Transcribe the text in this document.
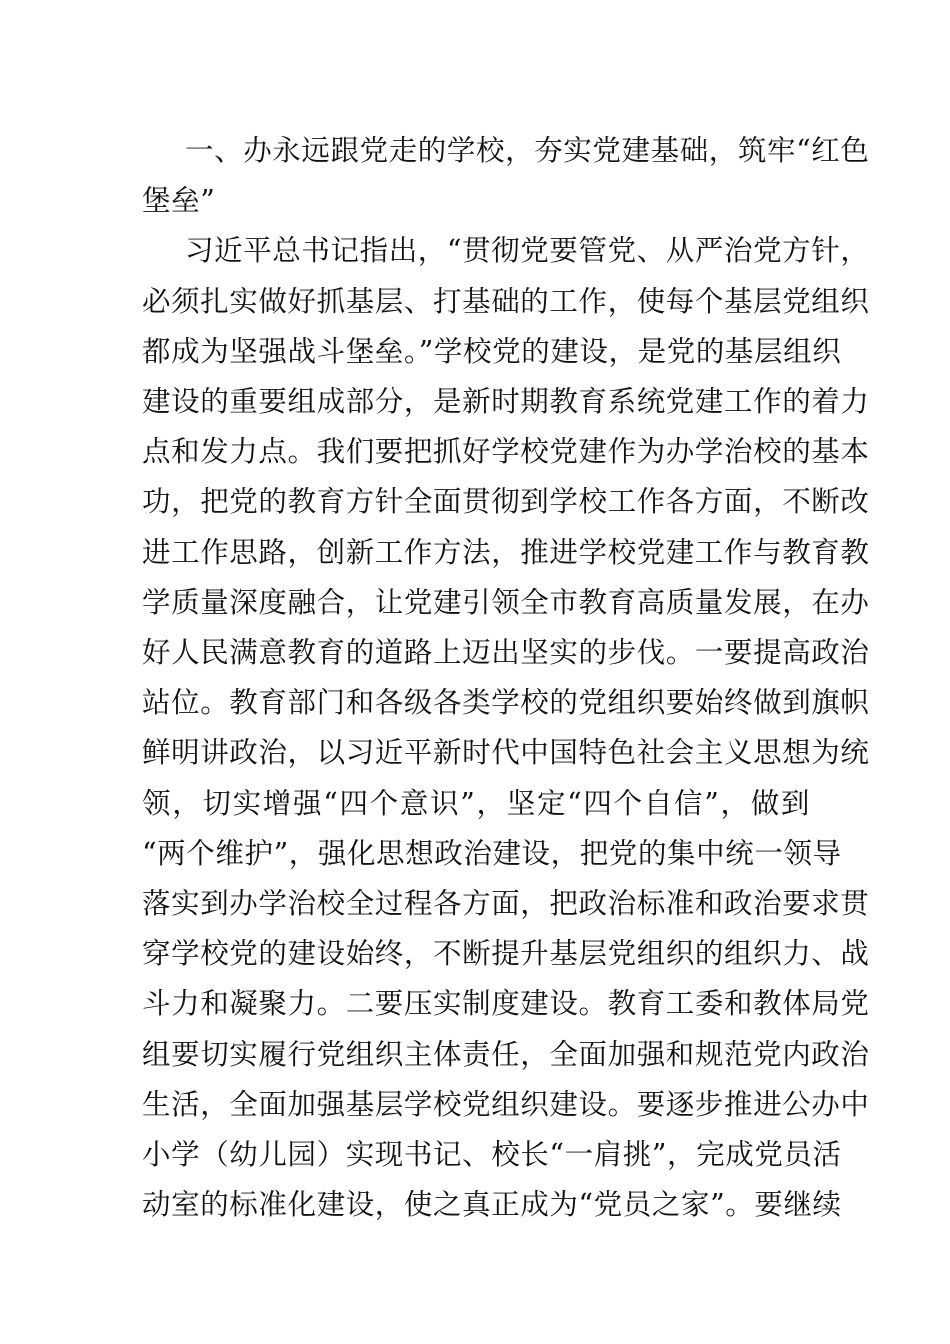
一、办永远跟党走的学校，夯实党建基础，筑牢“红色
堡垒”
习近平总书记指出，“贯彻党要管党、从严治党方针，
必须扎实做好抓基层、打基础的工作，使每个基层党组织
都成为坚强战斗堡垒。”学校党的建设，是党的基层组织
建设的重要组成部分，是新时期教育系统党建工作的着力
点和发力点。我们要把抓好学校党建作为办学治校的基本
功，把党的教育方针全面贯彻到学校工作各方面，不断改
进工作思路，创新工作方法，推进学校党建工作与教育教
学质量深度融合，让党建引领全市教育高质量发展，在办
好人民满意教育的道路上迈出坚实的步伐。一要提高政治
站位。教育部门和各级各类学校的党组织要始终做到旗帜
鲜明讲政治，以习近平新时代中国特色社会主义思想为统
领，切实增强“四个意识”，坚定“四个自信”，做到
“两个维护”，强化思想政治建设，把党的集中统一领导
落实到办学治校全过程各方面，把政治标准和政治要求贯
穿学校党的建设始终，不断提升基层党组织的组织力、战
斗力和凝聚力。二要压实制度建设。教育工委和教体局党
组要切实履行党组织主体责任，全面加强和规范党内政治
生活，全面加强基层学校党组织建设。要逐步推进公办中
小学（幼儿园）实现书记、校长“一肩挑”，完成党员活
动室的标准化建设，使之真正成为“党员之家”。要继续
